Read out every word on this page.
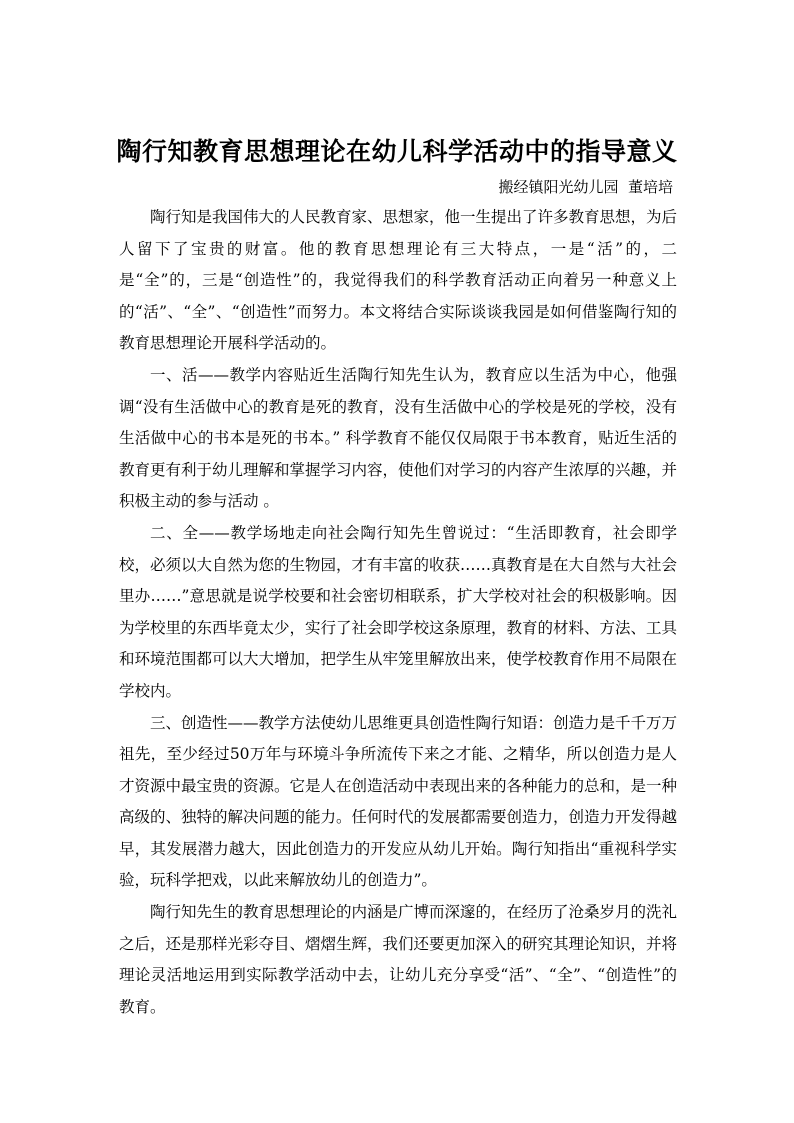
陶行知教育思想理论在幼儿科学活动中的指导意义

搬经镇阳光幼儿园  董培培

陶行知是我国伟大的人民教育家、思想家，他一生提出了许多教育思想，为后人留下了宝贵的财富。他的教育思想理论有三大特点，一是“活”的，二是“全”的，三是“创造性”的，我觉得我们的科学教育活动正向着另一种意义上的“活”、“全”、“创造性”而努力。本文将结合实际谈谈我园是如何借鉴陶行知的教育思想理论开展科学活动的。

一、活——教学内容贴近生活陶行知先生认为，教育应以生活为中心，他强调“没有生活做中心的教育是死的教育，没有生活做中心的学校是死的学校，没有生活做中心的书本是死的书本。” 科学教育不能仅仅局限于书本教育，贴近生活的教育更有利于幼儿理解和掌握学习内容，使他们对学习的内容产生浓厚的兴趣，并积极主动的参与活动 。

二、全——教学场地走向社会陶行知先生曾说过：“生活即教育，社会即学校，必须以大自然为您的生物园，才有丰富的收获……真教育是在大自然与大社会里办……”意思就是说学校要和社会密切相联系，扩大学校对社会的积极影响。因为学校里的东西毕竟太少，实行了社会即学校这条原理，教育的材料、方法、工具和环境范围都可以大大增加，把学生从牢笼里解放出来，使学校教育作用不局限在学校内。

三、创造性——教学方法使幼儿思维更具创造性陶行知语：创造力是千千万万祖先，至少经过50万年与环境斗争所流传下来之才能、之精华，所以创造力是人才资源中最宝贵的资源。它是人在创造活动中表现出来的各种能力的总和，是一种高级的、独特的解决问题的能力。任何时代的发展都需要创造力，创造力开发得越早，其发展潜力越大，因此创造力的开发应从幼儿开始。陶行知指出“重视科学实验，玩科学把戏，以此来解放幼儿的创造力”。

陶行知先生的教育思想理论的内涵是广博而深邃的，在经历了沧桑岁月的洗礼之后，还是那样光彩夺目、熠熠生辉，我们还要更加深入的研究其理论知识，并将理论灵活地运用到实际教学活动中去，让幼儿充分享受“活”、“全”、“创造性”的教育。
